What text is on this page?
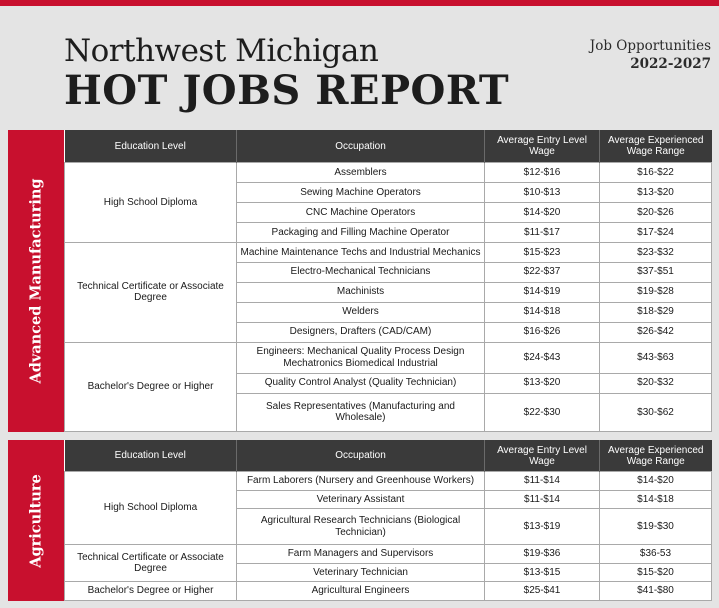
Northwest Michigan
HOT JOBS REPORT
Job Opportunities
2022-2027
Advanced Manufacturing
Education Level	Occupation	Average Entry Level Wage	Average Experienced Wage Range
High School Diploma	Assemblers	$12-$16	$16-$22
	Sewing Machine Operators	$10-$13	$13-$20
	CNC Machine Operators	$14-$20	$20-$26
	Packaging and Filling Machine Operator	$11-$17	$17-$24
Technical Certificate or Associate Degree	Machine Maintenance Techs and Industrial Mechanics	$15-$23	$23-$32
	Electro-Mechanical Technicians	$22-$37	$37-$51
	Machinists	$14-$19	$19-$28
	Welders	$14-$18	$18-$29
	Designers, Drafters (CAD/CAM)	$16-$26	$26-$42
Bachelor's Degree or Higher	Engineers: Mechanical Quality Process Design Mechatronics Biomedical Industrial	$24-$43	$43-$63
	Quality Control Analyst (Quality Technician)	$13-$20	$20-$32
	Sales Representatives (Manufacturing and Wholesale)	$22-$30	$30-$62
Agriculture
Education Level	Occupation	Average Entry Level Wage	Average Experienced Wage Range
High School Diploma	Farm Laborers (Nursery and Greenhouse Workers)	$11-$14	$14-$20
	Veterinary Assistant	$11-$14	$14-$18
	Agricultural Research Technicians (Biological Technician)	$13-$19	$19-$30
Technical Certificate or Associate Degree	Farm Managers and Supervisors	$19-$36	$36-53
	Veterinary Technician	$13-$15	$15-$20
Bachelor's Degree or Higher	Agricultural Engineers	$25-$41	$41-$80
